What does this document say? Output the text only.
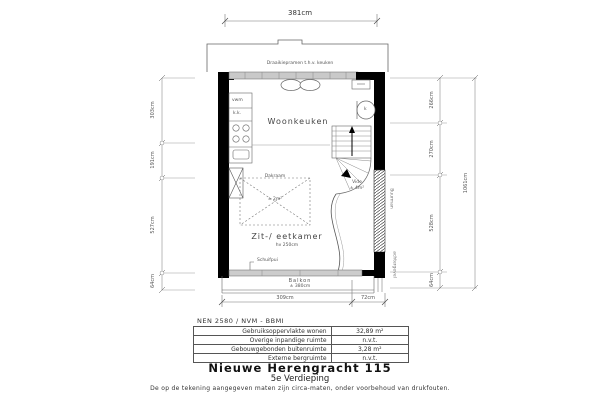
381cm
Draaikiepramen t.h.v. keuken
Woonkeuken
vwm
k.k.
k
Dakraam
± 2m²
Vide
± 4m²
Zit-/ eetkamer
hv 250cm
Schuifpui
Balkon
± 380cm
309cm	72cm
303cm
191cm
527cm
64cm
266cm
270cm
528cm
64cm
1061cm
Buurman
achtergevel
NEN 2580 / NVM - BBMI
Gebruiksoppervlakte wonen	32,89 m²
Overige inpandige ruimte	n.v.t.
Gebouwgebonden buitenruimte	3,28 m²
Externe bergruimte	n.v.t.
Nieuwe Herengracht 115
5e Verdieping
De op de tekening aangegeven maten zijn circa-maten, onder voorbehoud van drukfouten.
